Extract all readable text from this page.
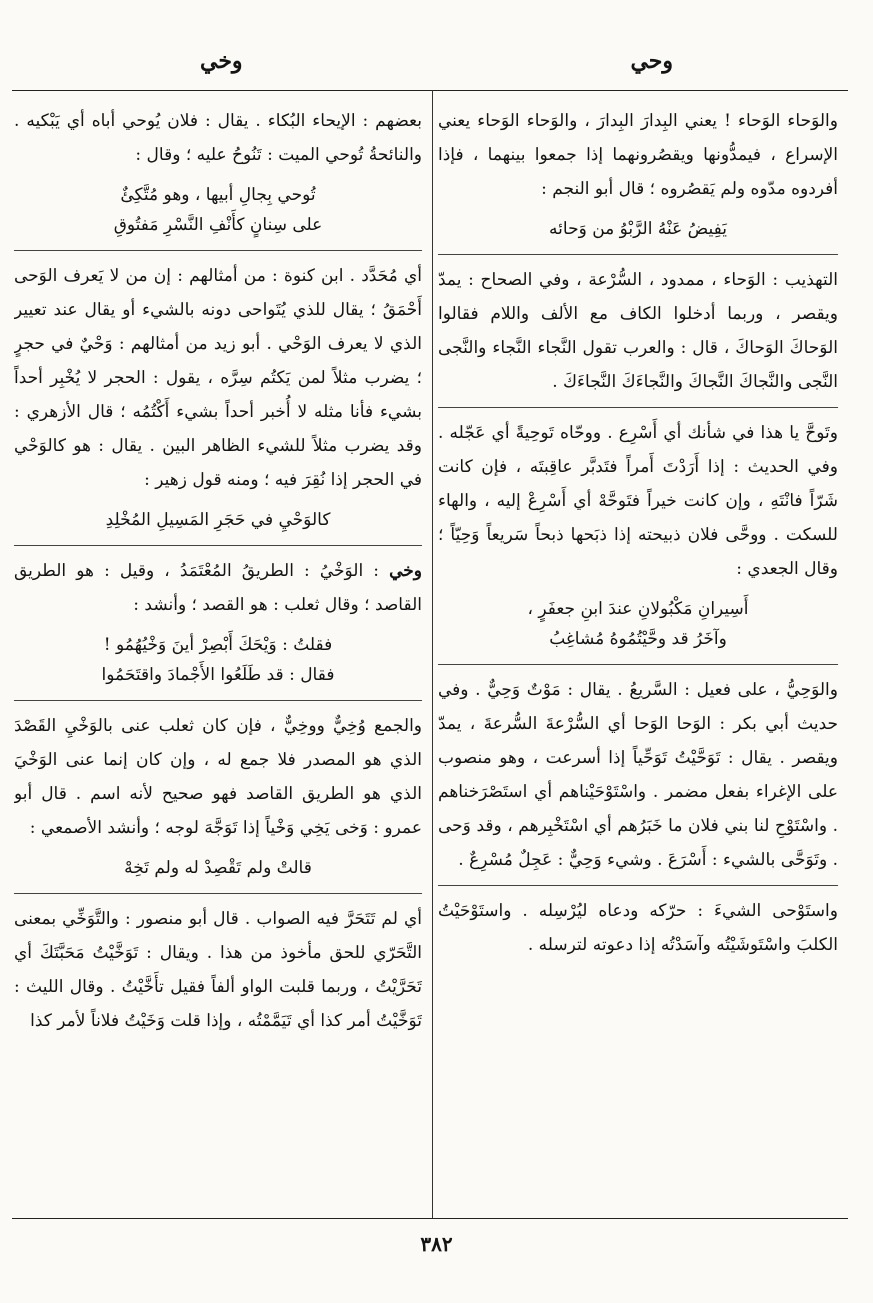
وحي
وخي

والوَحاء الوَحاء ! يعني البِدارَ البِدارَ ، والوَحاء الوَحاء يعني الإسراع ، فيمدُّونها ويقصُرونهما إذا جمعوا بينهما ، فإذا أفردوه مدّوه ولم يَقصُروه ؛ قال أبو النجم :

يَفِيضُ عَنْهُ الرَّبْوُ من وَحائه

التهذيب : الوَحاء ، ممدود ، السُّرْعة ، وفي الصحاح : يمدّ ويقصر ، وربما أدخلوا الكاف مع الألف واللام فقالوا الوَحاكَ الوَحاكَ ، قال : والعرب تقول النَّجاء النَّجاء والنَّجى النَّجى والنَّجاكَ النَّجاكَ والنَّجاءَكَ النَّجاءَكَ .

وتَوحَّ يا هذا في شأنك أي أَسْرِع . ووحّاه تَوحِيةً أي عَجّله . وفي الحديث : إذا أَرَدْتَ أَمراً فتَدبَّر عاقِبتَه ، فإن كانت شَرّاً فانْتَهِ ، وإن كانت خيراً فتَوحَّهْ أي أَسْرِعْ إليه ، والهاء للسكت . ووحَّى فلان ذبيحته إذا ذبَحها ذبحاً سَريعاً وَحِيّاً ؛ وقال الجعدي :

أَسِيرانِ مَكْبُولانِ عندَ ابنِ جعفَرٍ ،
وآخَرُ قد وحَّيْتُمُوهُ مُشاغِبُ

والوَحِيُّ ، على فعيل : السَّريعُ . يقال : مَوْتٌ وَحِيٌّ . وفي حديث أبي بكر : الوَحا الوَحا أي السُّرْعةَ السُّرعةَ ، يمدّ ويقصر . يقال : تَوَحَّيْتُ تَوَحِّياً إذا أسرعت ، وهو منصوب على الإغراء بفعل مضمر . واسْتَوْحَيْناهم أي استَصْرَخناهم . واسْتَوْحِ لنا بني فلان ما خَبَرُهم أي اسْتَخْبِرهم ، وقد وَحى . وتَوَحَّى بالشيء : أَسْرَعَ . وشيء وَحِيٌّ : عَجِلٌ مُسْرِعٌ .

واستَوْحى الشيءَ : حرّكه ودعاه ليُرْسِله . واستَوْحَيْتُ الكلبَ واسْتَوشَيْتُه وآسَدْتُه إذا دعوته لترسله .

بعضهم : الإيحاء البُكاء . يقال : فلان يُوحي أباه أي يَبْكيه . والنائحةُ تُوحي الميت : تَنُوحُ عليه ؛ وقال :

تُوحي بِجالِ أبيها ، وهو مُتَّكِئٌ
على سِنانٍ كأَنْفِ النَّسْرِ مَفتُوقِ

أي مُحَدَّد . ابن كنوة : من أمثالهم : إن من لا يَعرف الوَحى أَحْمَقُ ؛ يقال للذي يُتَواحى دونه بالشيء أو يقال عند تعيير الذي لا يعرف الوَحْي . أبو زيد من أمثالهم : وَحْيٌ في حجرٍ ؛ يضرب مثلاً لمن يَكتُم سِرَّه ، يقول : الحجر لا يُخْبِر أحداً بشيء فأنا مثله لا أُخبر أحداً بشيء أَكْتُمُه ؛ قال الأزهري : وقد يضرب مثلاً للشيء الظاهر البين . يقال : هو كالوَحْي في الحجر إذا نُقِرَ فيه ؛ ومنه قول زهير :

كالوَحْيِ في حَجَرِ المَسِيلِ المُخْلِدِ

وخي : الوَخْيُ : الطريقُ المُعْتَمَدُ ، وقيل : هو الطريق القاصد ؛ وقال ثعلب : هو القصد ؛ وأنشد :

فقلتُ : وَيْحَكَ أَبْصِرْ أينَ وَخْيُهُمُو !
فقال : قد طَلَعُوا الأَجْمادَ واقتَحَمُوا

والجمع وُخِيٌّ ووخِيٌّ ، فإن كان ثعلب عنى بالوَخْيِ القَصْدَ الذي هو المصدر فلا جمع له ، وإن كان إنما عنى الوَخْيَ الذي هو الطريق القاصد فهو صحيح لأنه اسم . قال أبو عمرو : وَخى يَخِي وَخْياً إذا تَوَجَّهَ لوجه ؛ وأنشد الأصمعي :

قالتْ ولم تَقْصِدْ له ولم تَخِهْ

أي لم تَتَحَرَّ فيه الصواب . قال أبو منصور : والتَّوَخِّي بمعنى التَّحَرّي للحق مأخوذ من هذا . ويقال : تَوَخَّيْتُ مَحَبَّتَكَ أي تَحَرَّيْتُ ، وربما قلبت الواو ألفاً فقيل تأَخَّيْتُ . وقال الليث : تَوَخَّيْتُ أمر كذا أي تَيَمَّمْتُه ، وإذا قلت وَخَيْتُ فلاناً لأمر كذا

٣٨٢
